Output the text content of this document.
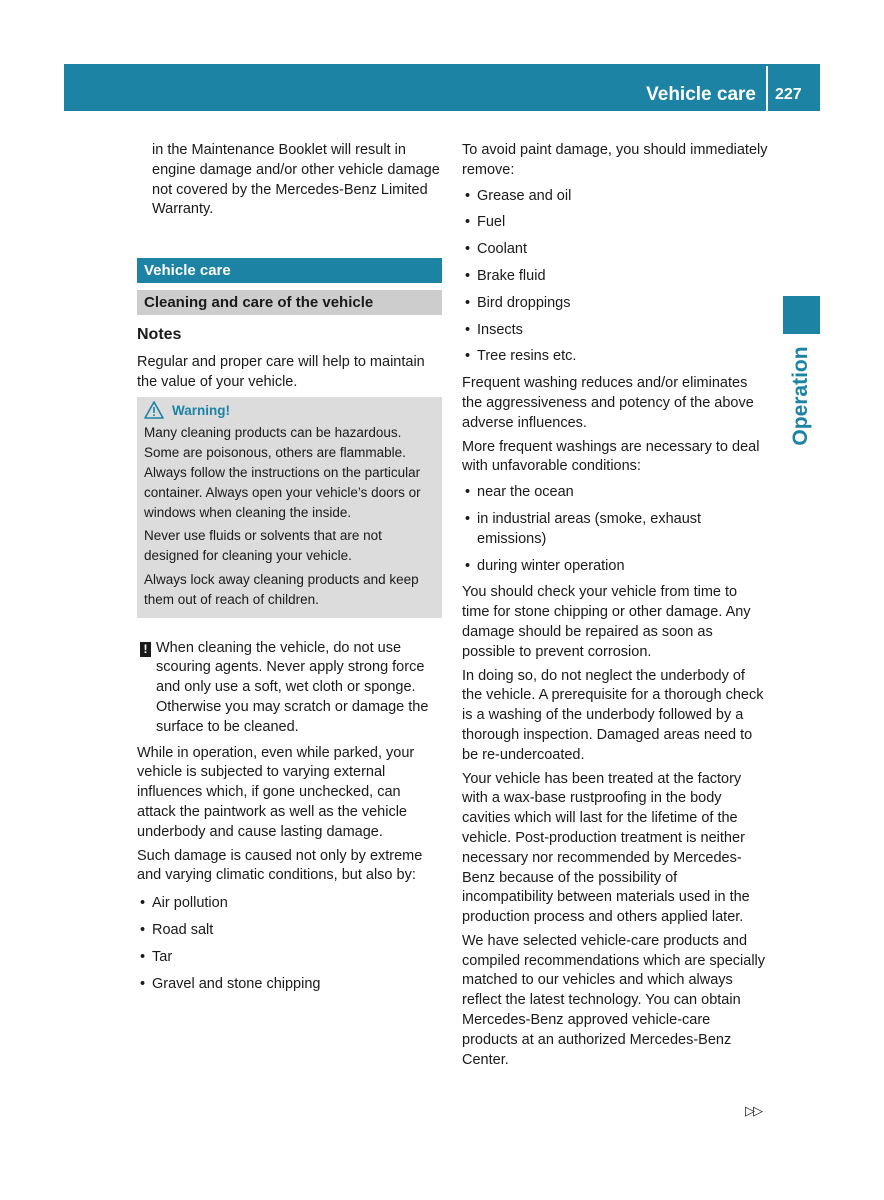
Vehicle care 227
Operation

in the Maintenance Booklet will result in engine damage and/or other vehicle damage not covered by the Mercedes-Benz Limited Warranty.

Vehicle care
Cleaning and care of the vehicle
Notes

Regular and proper care will help to maintain the value of your vehicle.

Warning!

Many cleaning products can be hazardous. Some are poisonous, others are flammable. Always follow the instructions on the particular container. Always open your vehicle’s doors or windows when cleaning the inside.

Never use fluids or solvents that are not designed for cleaning your vehicle.

Always lock away cleaning products and keep them out of reach of children.

! When cleaning the vehicle, do not use scouring agents. Never apply strong force and only use a soft, wet cloth or sponge. Otherwise you may scratch or damage the surface to be cleaned.

While in operation, even while parked, your vehicle is subjected to varying external influences which, if gone unchecked, can attack the paintwork as well as the vehicle underbody and cause lasting damage.

Such damage is caused not only by extreme and varying climatic conditions, but also by:

• Air pollution
• Road salt
• Tar
• Gravel and stone chipping

To avoid paint damage, you should immediately remove:

• Grease and oil
• Fuel
• Coolant
• Brake fluid
• Bird droppings
• Insects
• Tree resins etc.

Frequent washing reduces and/or eliminates the aggressiveness and potency of the above adverse influences.

More frequent washings are necessary to deal with unfavorable conditions:

• near the ocean
• in industrial areas (smoke, exhaust emissions)
• during winter operation

You should check your vehicle from time to time for stone chipping or other damage. Any damage should be repaired as soon as possible to prevent corrosion.

In doing so, do not neglect the underbody of the vehicle. A prerequisite for a thorough check is a washing of the underbody followed by a thorough inspection. Damaged areas need to be re-undercoated.

Your vehicle has been treated at the factory with a wax-base rustproofing in the body cavities which will last for the lifetime of the vehicle. Post-production treatment is neither necessary nor recommended by Mercedes-Benz because of the possibility of incompatibility between materials used in the production process and others applied later.

We have selected vehicle-care products and compiled recommendations which are specially matched to our vehicles and which always reflect the latest technology. You can obtain Mercedes-Benz approved vehicle-care products at an authorized Mercedes-Benz Center.

▷▷
